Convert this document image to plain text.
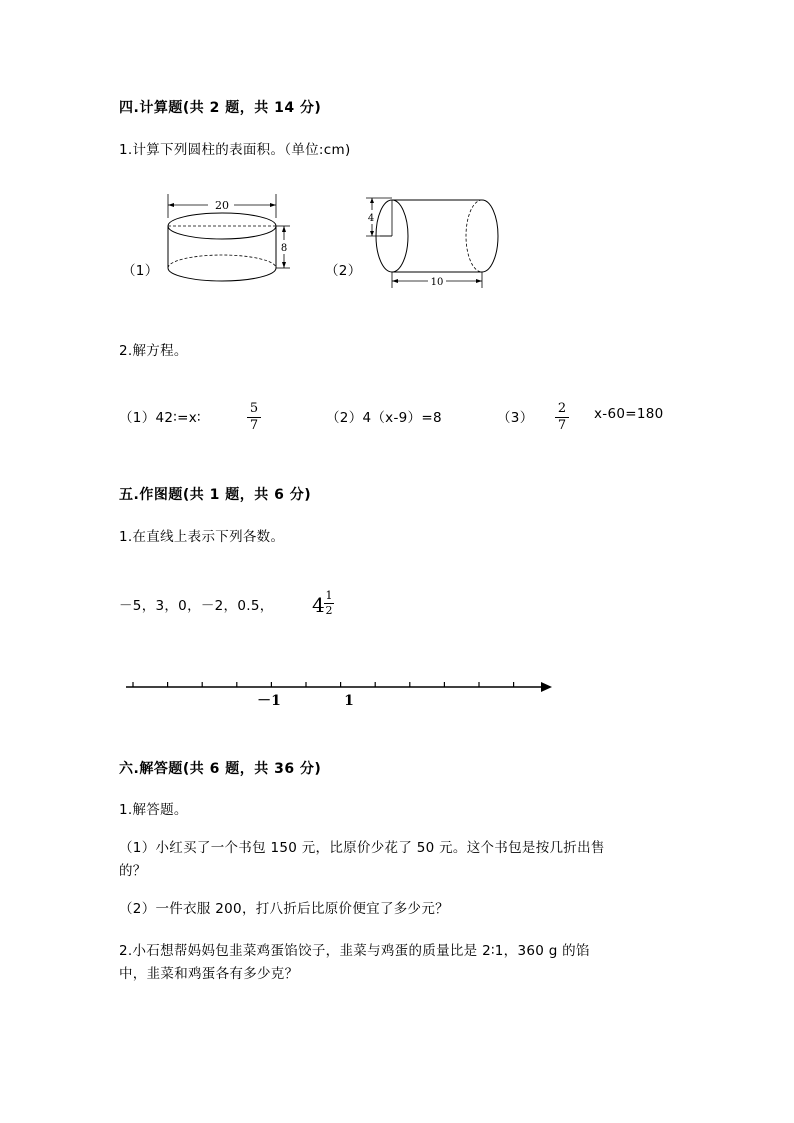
四.计算题(共 2 题，共 14 分)
1.计算下列圆柱的表面积。（单位:cm)
（1）
20
8
（2）
4
10
2.解方程。
（1）42∶=x∶
5
7	（2）4（x-9）=8	（3）
2
7
x-60=180
五.作图题(共 1 题，共 6 分)
1.在直线上表示下列各数。
－5，3，0，－2，0.5， 4 1
2
－1	1
六.解答题(共 6 题，共 36 分)
1.解答题。
（1）小红买了一个书包 150 元，比原价少花了 50 元。这个书包是按几折出售
的？
（2）一件衣服 200，打八折后比原价便宜了多少元？
2.小石想帮妈妈包韭菜鸡蛋馅饺子，韭菜与鸡蛋的质量比是 2∶1，360 g 的馅
中，韭菜和鸡蛋各有多少克？
